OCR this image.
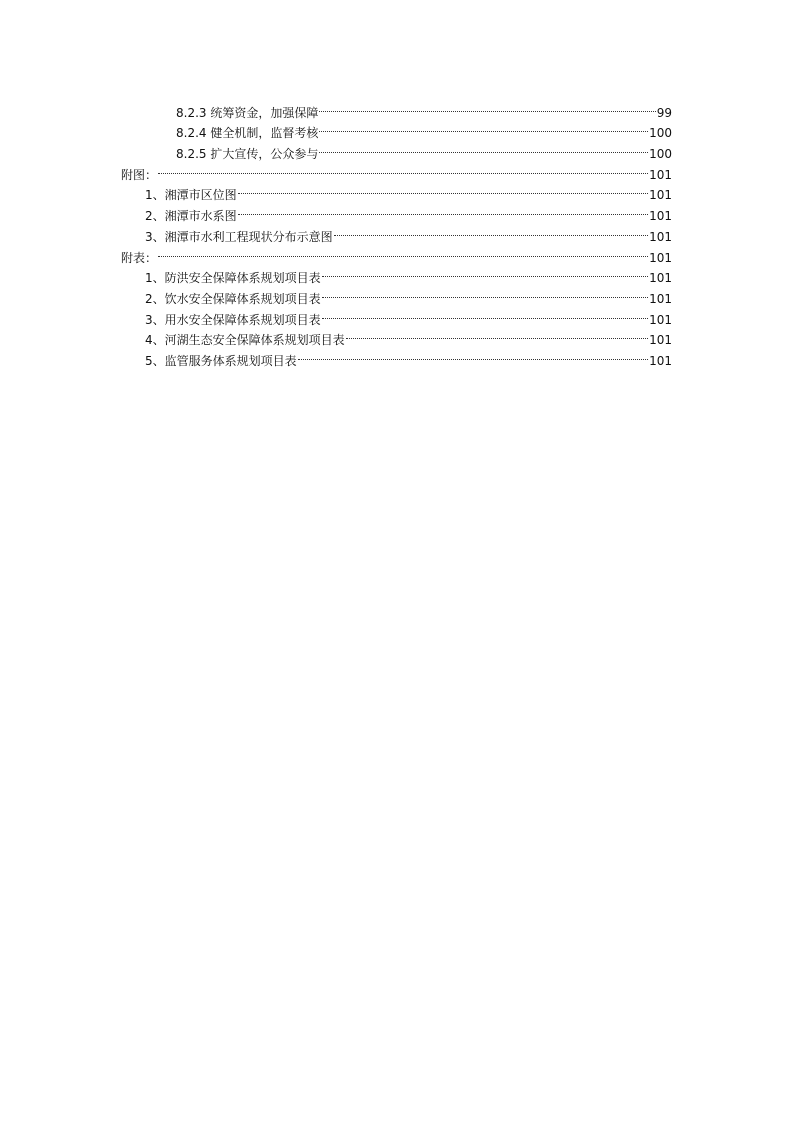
8.2.3 统筹资金，加强保障	99
8.2.4 健全机制，监督考核	100
8.2.5 扩大宣传，公众参与	100
附图：	101
1、湘潭市区位图	101
2、湘潭市水系图	101
3、湘潭市水利工程现状分布示意图	101
附表：	101
1、防洪安全保障体系规划项目表	101
2、饮水安全保障体系规划项目表	101
3、用水安全保障体系规划项目表	101
4、河湖生态安全保障体系规划项目表	101
5、监管服务体系规划项目表	101
